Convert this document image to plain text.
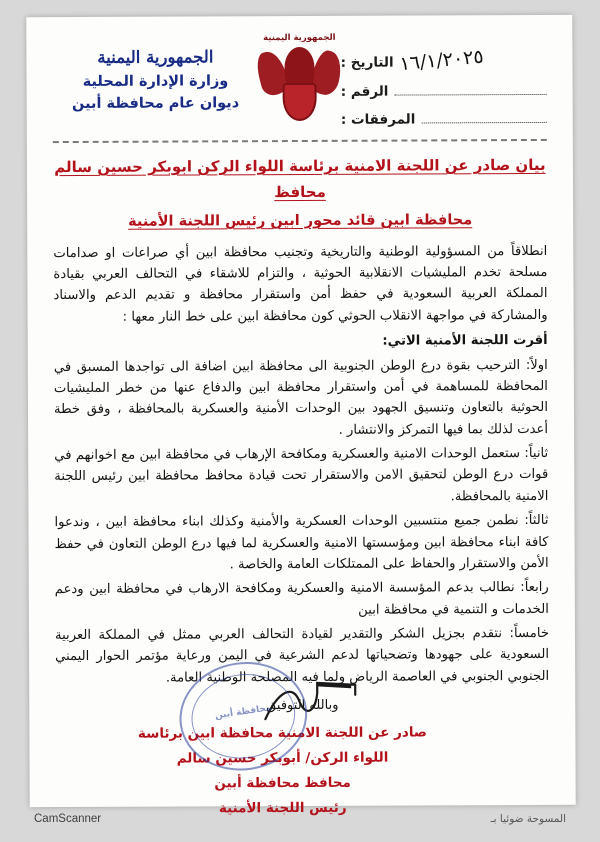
الجمهورية اليمنية
وزارة الإدارة المحلية
ديوان عام محافظة أبين
الجمهورية اليمنية
التاريخ : ١٦/١/٢٠٢٥
الرقم :
المرفقات :
بيان صادر عن اللجنة الامنية برئاسة اللواء الركن ابوبكر حسين سالم محافظ
محافظة ابين قائد محور ابين رئيس اللجنة الأمنية

انطلاقاً من المسؤولية الوطنية والتاريخية وتجنيب محافظة ابين أي صراعات او صدامات مسلحة تخدم المليشيات الانقلابية الحوثية ، والتزام للاشقاء في التحالف العربي بقيادة المملكة العربية السعودية في حفظ أمن واستقرار محافظة و تقديم الدعم والاسناد والمشاركة في مواجهة الانقلاب الحوثي كون محافظة ابين على خط النار معها :

أقرت اللجنة الأمنية الاتي:

اولاً: الترحيب بقوة درع الوطن الجنوبية الى محافظة ابين اضافة الى تواجدها المسبق في المحافظة للمساهمة في أمن واستقرار محافظة ابين والدفاع عنها من خطر المليشيات الحوثية بالتعاون وتنسيق الجهود بين الوحدات الأمنية والعسكرية بالمحافظة ، وفق خطة أعدت لذلك بما فيها التمركز والانتشار .

ثانياً: ستعمل الوحدات الامنية والعسكرية ومكافحة الإرهاب في محافظة ابين مع اخوانهم في قوات درع الوطن لتحقيق الامن والاستقرار تحت قيادة محافظ محافظة ابين رئيس اللجنة الامنية بالمحافظة.

ثالثاً: نطمن جميع منتسبين الوحدات العسكرية والأمنية وكذلك ابناء محافظة ابين ، وندعوا كافة ابناء محافظة ابين ومؤسستها الامنية والعسكرية لما فيها درع الوطن التعاون في حفظ الأمن والاستقرار والحفاظ على الممتلكات العامة والخاصة .

رابعاً: نطالب بدعم المؤسسة الامنية والعسكرية ومكافحة الارهاب في محافظة ابين ودعم الخدمات و التنمية في محافظة ابين

خامساً: نتقدم بجزيل الشكر والتقدير لقيادة التحالف العربي ممثل في المملكة العربية السعودية على جهودها وتضحياتها لدعم الشرعية في اليمن ورعاية مؤتمر الحوار اليمني الجنوبي الجنوبي في العاصمة الرياض ولما فيه المصلحة الوطنية العامة.

وبالله التوفيق
صادر عن اللجنة الامنية محافظة ابين برئاسة
اللواء الركن/ أبوبكر حسين سالم
محافظ محافظة أبين
رئيس اللجنة الأمنية
محافظة أبين
المسوحة ضوئيا بـ
CamScanner
